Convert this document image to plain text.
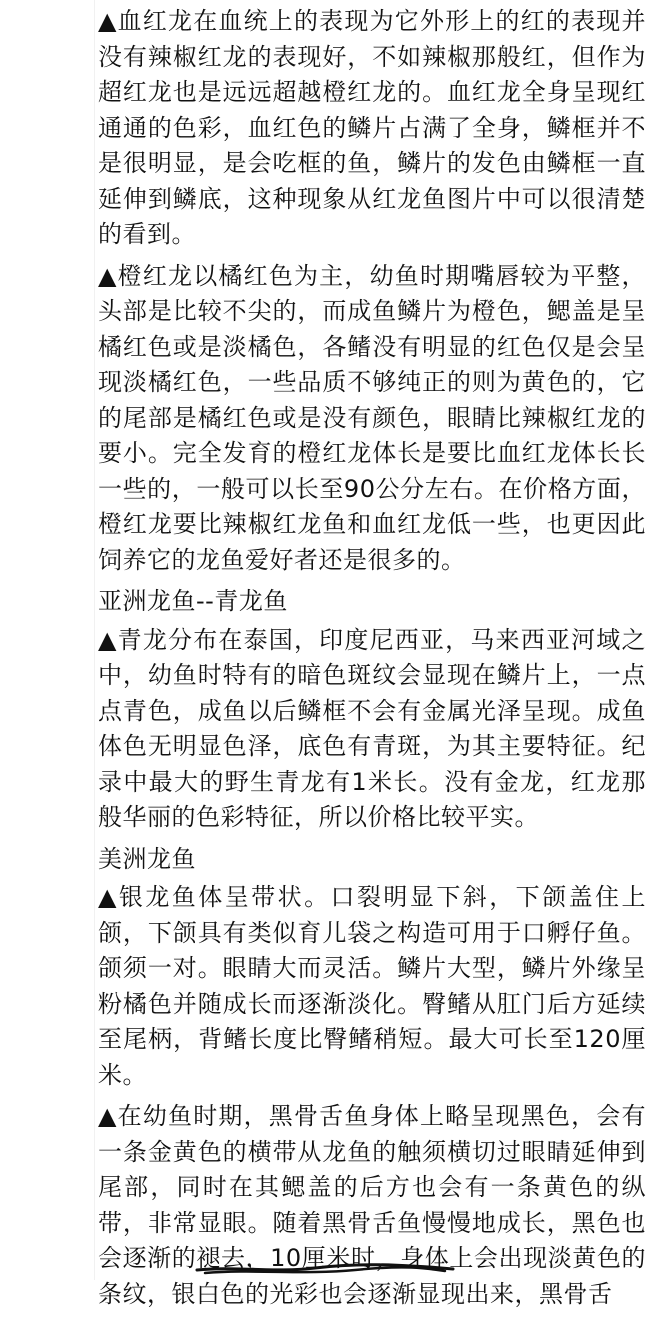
▲血红龙在血统上的表现为它外形上的红的表现并没有辣椒红龙的表现好，不如辣椒那般红，但作为超红龙也是远远超越橙红龙的。血红龙全身呈现红通通的色彩，血红色的鳞片占满了全身，鳞框并不是很明显，是会吃框的鱼，鳞片的发色由鳞框一直延伸到鳞底，这种现象从红龙鱼图片中可以很清楚的看到。

▲橙红龙以橘红色为主，幼鱼时期嘴唇较为平整，头部是比较不尖的，而成鱼鳞片为橙色，鳃盖是呈橘红色或是淡橘色，各鳍没有明显的红色仅是会呈现淡橘红色，一些品质不够纯正的则为黄色的，它的尾部是橘红色或是没有颜色，眼睛比辣椒红龙的要小。完全发育的橙红龙体长是要比血红龙体长长一些的，一般可以长至90公分左右。在价格方面，橙红龙要比辣椒红龙鱼和血红龙低一些，也更因此饲养它的龙鱼爱好者还是很多的。

亚洲龙鱼--青龙鱼

▲青龙分布在泰国，印度尼西亚，马来西亚河域之中，幼鱼时特有的暗色斑纹会显现在鳞片上，一点点青色，成鱼以后鳞框不会有金属光泽呈现。成鱼体色无明显色泽，底色有青斑，为其主要特征。纪录中最大的野生青龙有1米长。没有金龙，红龙那般华丽的色彩特征，所以价格比较平实。

美洲龙鱼

▲银龙鱼体呈带状。口裂明显下斜，下颌盖住上颌，下颌具有类似育儿袋之构造可用于口孵仔鱼。颌须一对。眼睛大而灵活。鳞片大型，鳞片外缘呈粉橘色并随成长而逐渐淡化。臀鳍从肛门后方延续至尾柄，背鳍长度比臀鳍稍短。最大可长至120厘米。

▲在幼鱼时期，黑骨舌鱼身体上略呈现黑色，会有一条金黄色的横带从龙鱼的触须横切过眼睛延伸到尾部，同时在其鳃盖的后方也会有一条黄色的纵带，非常显眼。随着黑骨舌鱼慢慢地成长，黑色也会逐渐的褪去，10厘米时，身体上会出现淡黄色的条纹，银白色的光彩也会逐渐显现出来，黑骨舌
